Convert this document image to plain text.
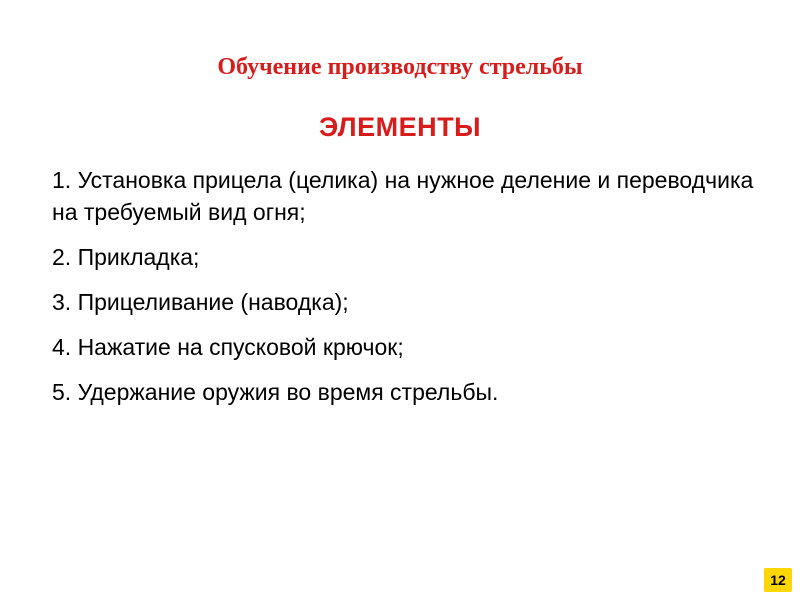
Обучение производству стрельбы
ЭЛЕМЕНТЫ
1. Установка прицела (целика) на нужное деление и переводчика на требуемый вид огня;
2. Прикладка;
3. Прицеливание (наводка);
4. Нажатие на спусковой крючок;
5. Удержание оружия во время стрельбы.
12
